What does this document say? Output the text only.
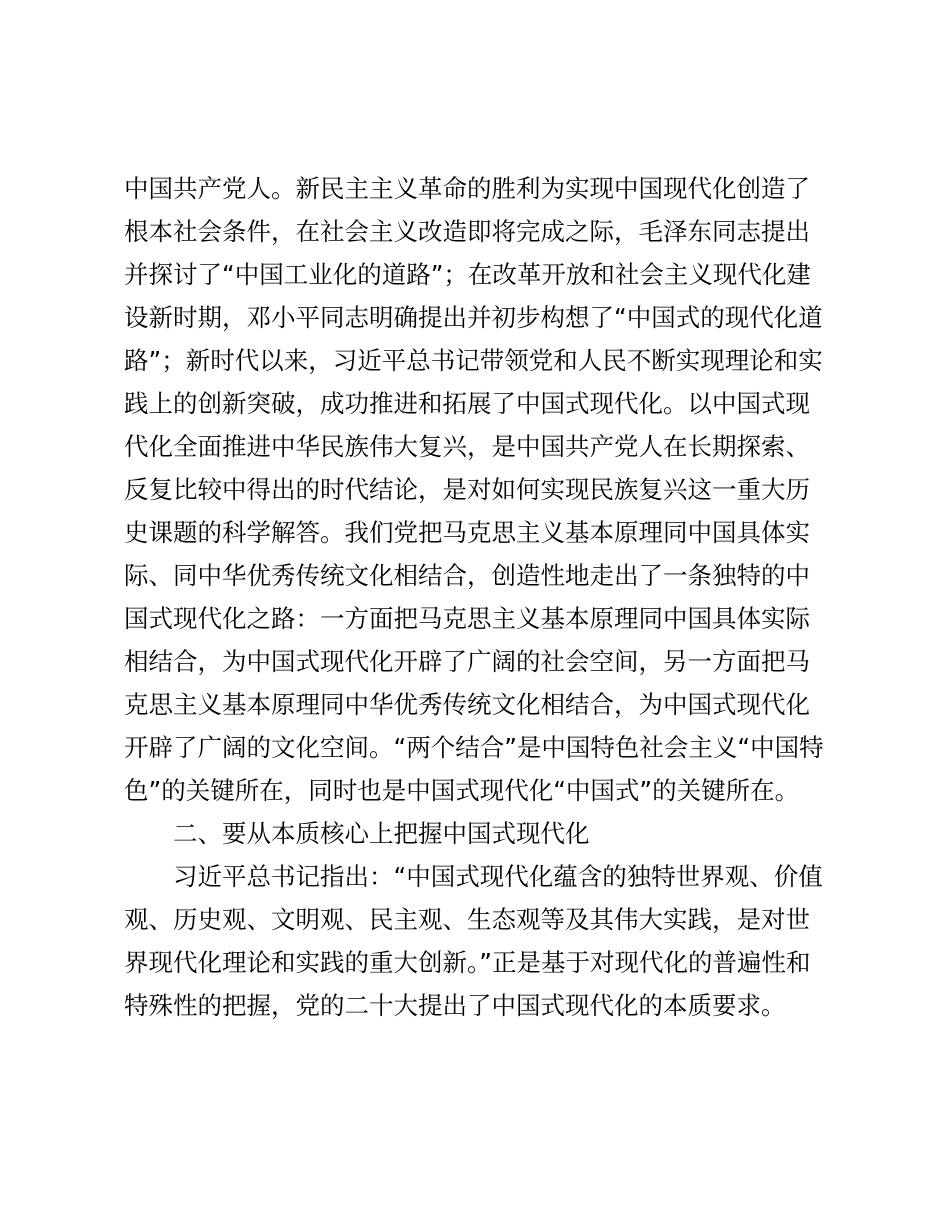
中国共产党人。新民主主义革命的胜利为实现中国现代化创造了
根本社会条件，在社会主义改造即将完成之际，毛泽东同志提出
并探讨了“中国工业化的道路”；在改革开放和社会主义现代化建
设新时期，邓小平同志明确提出并初步构想了“中国式的现代化道
路”；新时代以来，习近平总书记带领党和人民不断实现理论和实
践上的创新突破，成功推进和拓展了中国式现代化。以中国式现
代化全面推进中华民族伟大复兴，是中国共产党人在长期探索、
反复比较中得出的时代结论，是对如何实现民族复兴这一重大历
史课题的科学解答。我们党把马克思主义基本原理同中国具体实
际、同中华优秀传统文化相结合，创造性地走出了一条独特的中
国式现代化之路：一方面把马克思主义基本原理同中国具体实际
相结合，为中国式现代化开辟了广阔的社会空间，另一方面把马
克思主义基本原理同中华优秀传统文化相结合，为中国式现代化
开辟了广阔的文化空间。“两个结合”是中国特色社会主义“中国特
色”的关键所在，同时也是中国式现代化“中国式”的关键所在。
二、要从本质核心上把握中国式现代化
习近平总书记指出：“中国式现代化蕴含的独特世界观、价值
观、历史观、文明观、民主观、生态观等及其伟大实践，是对世
界现代化理论和实践的重大创新。”正是基于对现代化的普遍性和
特殊性的把握，党的二十大提出了中国式现代化的本质要求。
